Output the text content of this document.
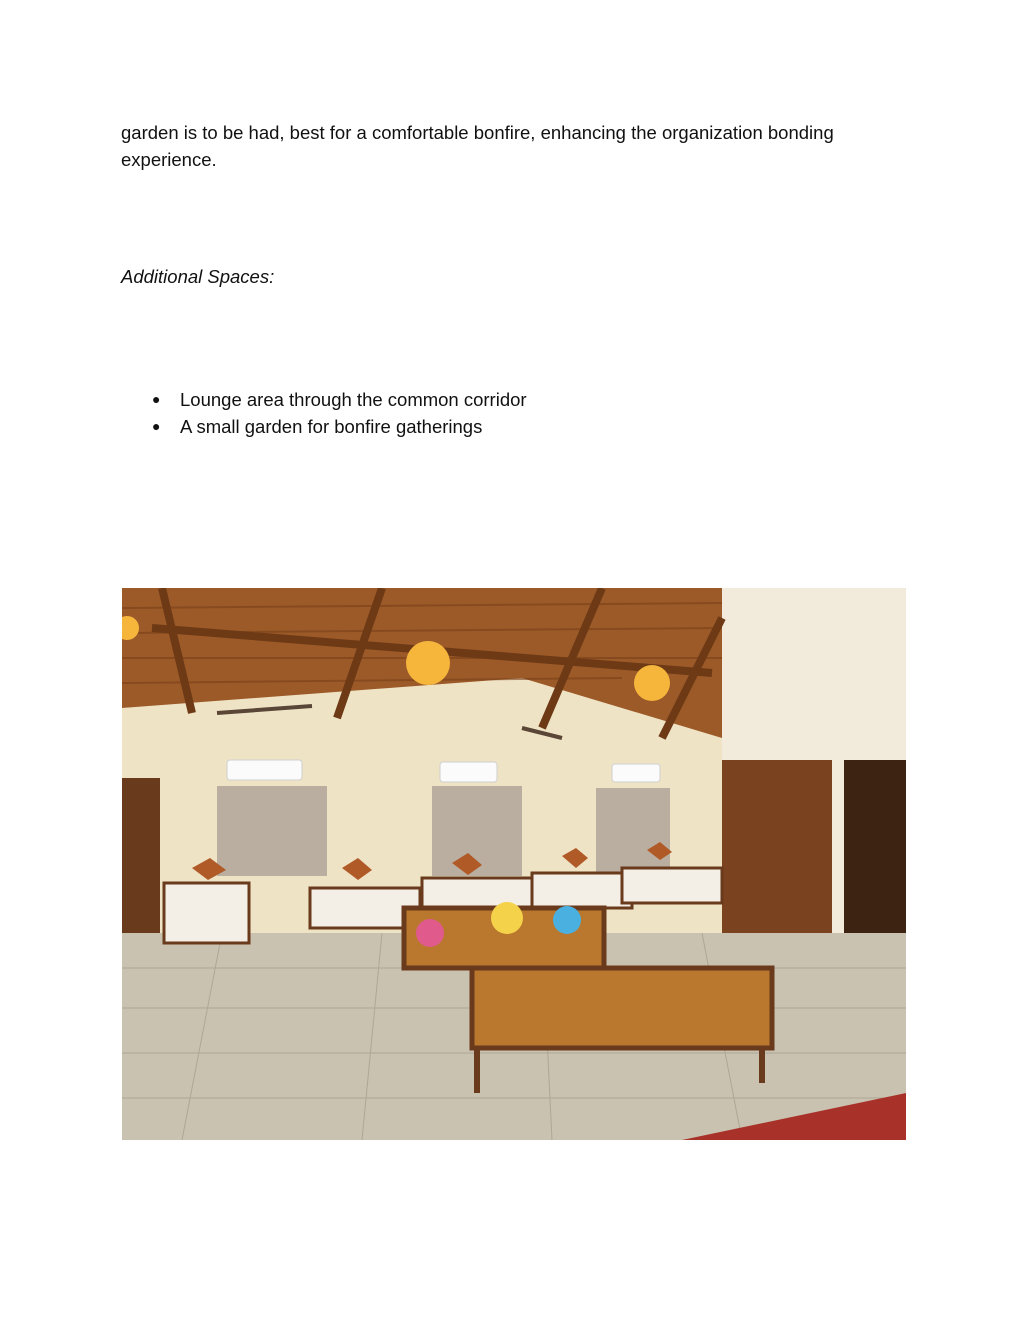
garden is to be had, best for a comfortable bonfire, enhancing the organization bonding experience.

Additional Spaces:

●	Lounge area through the common corridor
●	A small garden for bonfire gatherings
